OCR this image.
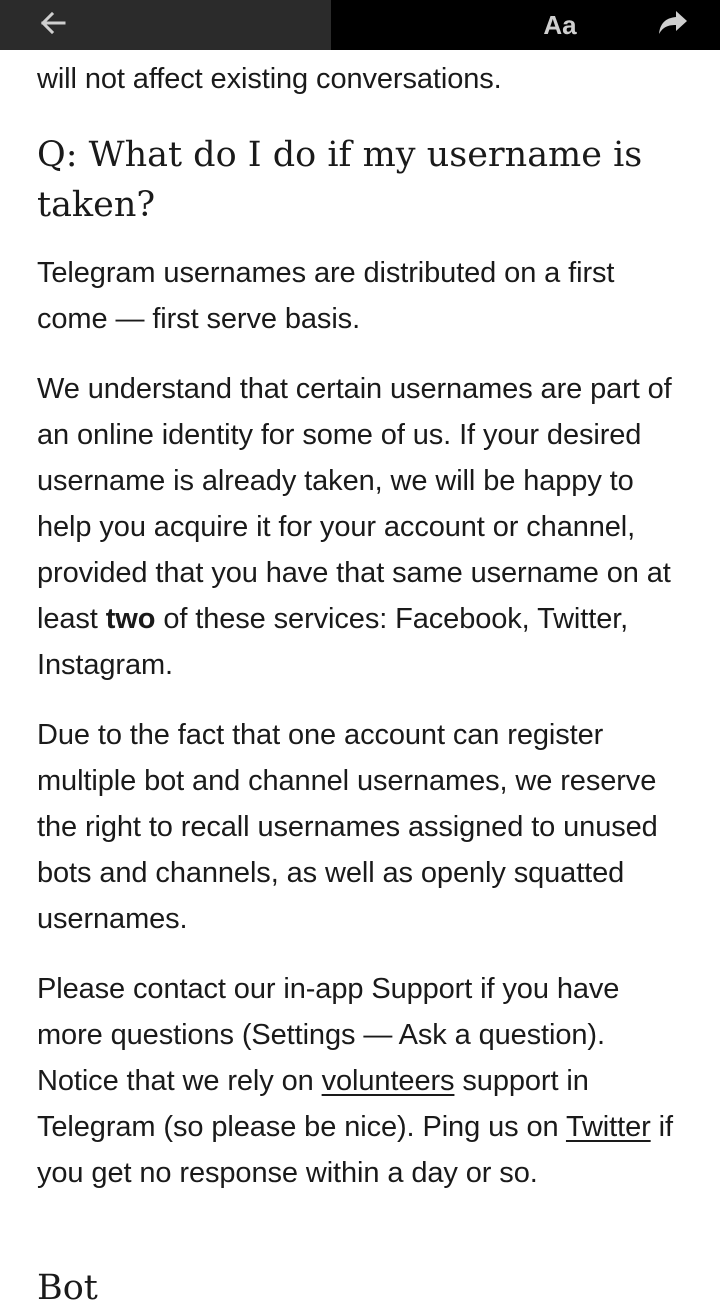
Aa

will not affect existing conversations.

Q: What do I do if my username is taken?

Telegram usernames are distributed on a first come — first serve basis.

We understand that certain usernames are part of an online identity for some of us. If your desired username is already taken, we will be happy to help you acquire it for your account or channel, provided that you have that same username on at least two of these services: Facebook, Twitter, Instagram.

Due to the fact that one account can register multiple bot and channel usernames, we reserve the right to recall usernames assigned to unused bots and channels, as well as openly squatted usernames.

Please contact our in-app Support if you have more questions (Settings — Ask a question). Notice that we rely on volunteers support in Telegram (so please be nice). Ping us on Twitter if you get no response within a day or so.

Bot
